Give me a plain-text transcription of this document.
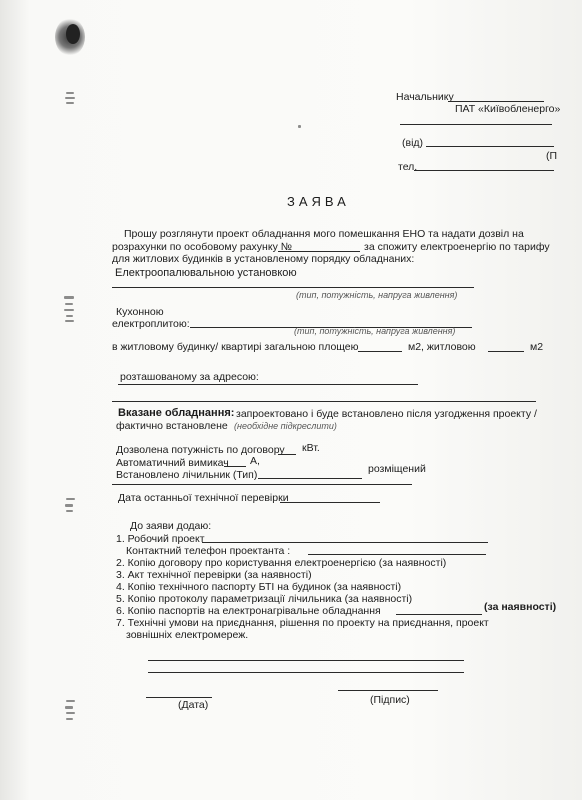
Начальнику
ПАТ «Київобленерго»
(від)
(П
тел.
ЗАЯВА
Прошу розглянути проект обладнання мого помешкання ЕНО та надати дозвіл на
розрахунки по особовому рахунку №	за спожиту електроенергію по тарифу
для житлових будинків в установленому порядку обладнаних:
Електроопалювальною установкою
(тип, потужність, напруга живлення)
Кухонною
електроплитою:
(тип, потужність, напруга живлення)
в житловому будинку/ квартирі загальною площею	м2, житловою	м2
розташованому за адресою:
Вказане обладнання: запроектовано і буде встановлено після узгодження проекту /
фактично встановлене (необхідне підкреслити)
Дозволена потужність по договору кВт.
Автоматичний вимикач А,
Встановлено лічильник (Тип)	розміщений
Дата останньої технічної перевірки
До заяви додаю:
1. Робочий проект
Контактний телефон проектанта :
2. Копію договору про користування електроенергією (за наявності)
3. Акт технічної перевірки (за наявності)
4. Копію технічного паспорту БТІ на будинок (за наявності)
5. Копію протоколу параметризації лічильника (за наявності)
6. Копію паспортів на електронагрівальне обладнання	(за наявності)
7. Технічні умови на приєднання, рішення по проекту на приєднання, проект
зовнішніх електромереж.
(Дата)	(Підпис)
